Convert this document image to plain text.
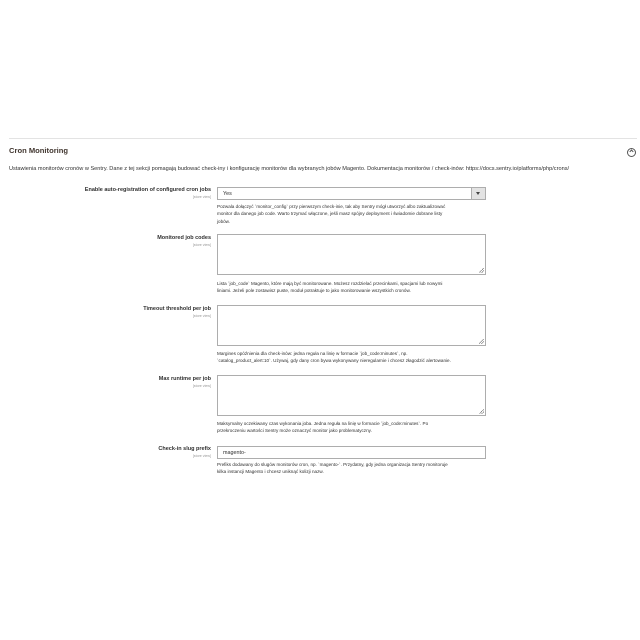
Cron Monitoring
Ustawienia monitorów cronów w Sentry. Dane z tej sekcji pomagają budować check-iny i konfigurację monitorów dla wybranych jobów Magento. Dokumentacja monitorów / check-inów: https://docs.sentry.io/platforms/php/crons/
Enable auto-registration of configured cron jobs
[store view] Yes
Pozwala dołączyć `monitor_config` przy pierwszym check-inie, tak aby Sentry mógł utworzyć albo zaktualizować
monitor dla danego job code. Warto trzymać włączone, jeśli masz spójny deployment i świadomie dobrane listy
jobów.
Monitored job codes
[store view]
Lista `job_code` Magento, które mają być monitorowane. Możesz rozdzielać przecinkami, spacjami lub nowymi
liniami. Jeżeli pole zostawisz puste, moduł potraktuje to jako monitorowanie wszystkich cronów.
Timeout threshold per job
[store view]
Margines opóźnienia dla check-inów: jedna reguła na linię w formacie `job_code:minutes`, np.
`catalog_product_alert:10`. Używaj, gdy dany cron bywa wykonywany nieregularnie i chcesz złagodzić alertowanie.
Max runtime per job
[store view]
Maksymalny oczekiwany czas wykonania joba. Jedna reguła na linię w formacie `job_code:minutes`. Po
przekroczeniu wartości Sentry może oznaczyć monitor jako problematyczny.
Check-in slug prefix
[store view] magento-
Prefiks dodawany do slugów monitorów cron, np. `magento-`. Przydatny, gdy jedna organizacja Sentry monitoruje
kilka instancji Magento i chcesz uniknąć kolizji nazw.
